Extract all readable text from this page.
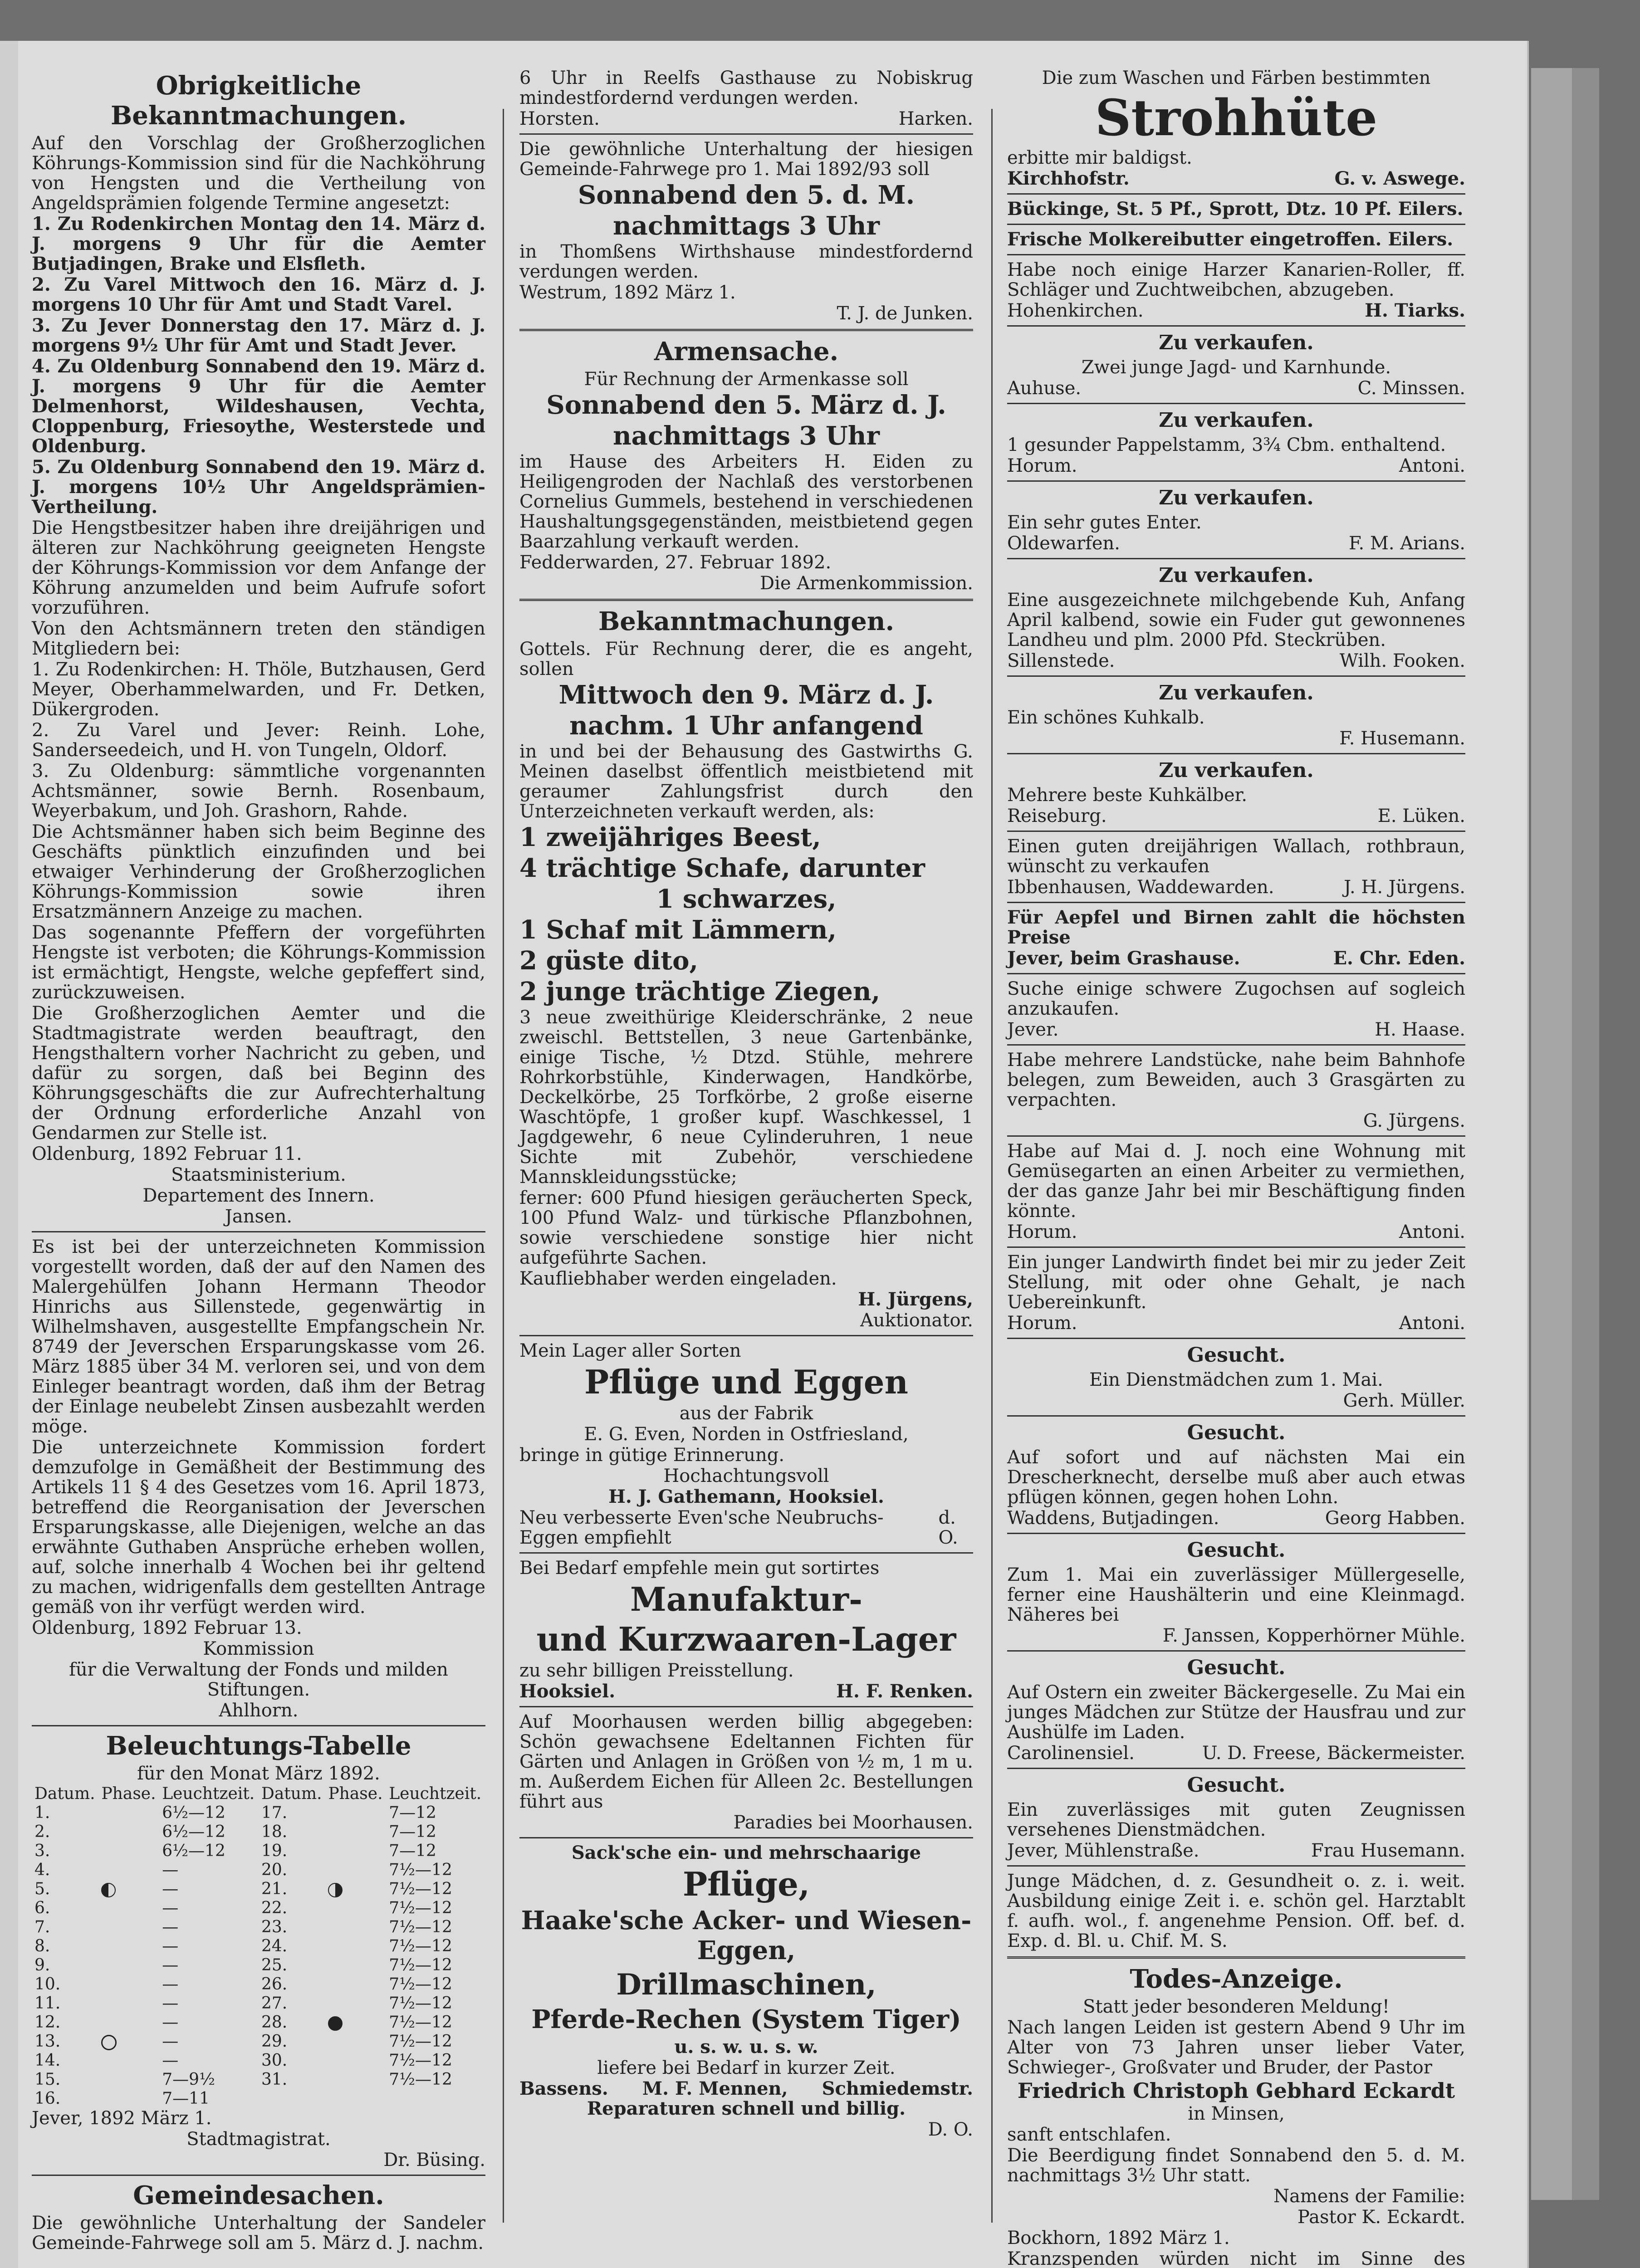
Obrigkeitliche Bekanntmachungen.

Auf den Vorschlag der Großherzoglichen Köhrungs-Kommission sind für die Nachköhrung von Hengsten und die Vertheilung von Angeldsprämien folgende Termine angesetzt:

1. Zu Rodenkirchen Montag den 14. März d. J. morgens 9 Uhr für die Aemter Butjadingen, Brake und Elsfleth.

2. Zu Varel Mittwoch den 16. März d. J. morgens 10 Uhr für Amt und Stadt Varel.

3. Zu Jever Donnerstag den 17. März d. J. morgens 9½ Uhr für Amt und Stadt Jever.

4. Zu Oldenburg Sonnabend den 19. März d. J. morgens 9 Uhr für die Aemter Delmenhorst, Wildeshausen, Vechta, Cloppenburg, Friesoythe, Westerstede und Oldenburg.

5. Zu Oldenburg Sonnabend den 19. März d. J. morgens 10½ Uhr Angeldsprämien-Vertheilung.

Die Hengstbesitzer haben ihre dreijährigen und älteren zur Nachköhrung geeigneten Hengste der Köhrungs-Kommission vor dem Anfange der Köhrung anzumelden und beim Aufrufe sofort vorzuführen.

Von den Achtsmännern treten den ständigen Mitgliedern bei:

1. Zu Rodenkirchen: H. Thöle, Butzhausen, Gerd Meyer, Oberhammelwarden, und Fr. Detken, Dükergroden.

2. Zu Varel und Jever: Reinh. Lohe, Sanderseedeich, und H. von Tungeln, Oldorf.

3. Zu Oldenburg: sämmtliche vorgenannten Achtsmänner, sowie Bernh. Rosenbaum, Weyerbakum, und Joh. Grashorn, Rahde.

Die Achtsmänner haben sich beim Beginne des Geschäfts pünktlich einzufinden und bei etwaiger Verhinderung der Großherzoglichen Köhrungs-Kommission sowie ihren Ersatzmännern Anzeige zu machen.

Das sogenannte Pfeffern der vorgeführten Hengste ist verboten; die Köhrungs-Kommission ist ermächtigt, Hengste, welche gepfeffert sind, zurückzuweisen.

Die Großherzoglichen Aemter und die Stadtmagistrate werden beauftragt, den Hengsthaltern vorher Nachricht zu geben, und dafür zu sorgen, daß bei Beginn des Köhrungsgeschäfts die zur Aufrechterhaltung der Ordnung erforderliche Anzahl von Gendarmen zur Stelle ist.

Oldenburg, 1892 Februar 11.

Staatsministerium.

Departement des Innern.

Jansen.

Es ist bei der unterzeichneten Kommission vorgestellt worden, daß der auf den Namen des Malergehülfen Johann Hermann Theodor Hinrichs aus Sillenstede, gegenwärtig in Wilhelmshaven, ausgestellte Empfangschein Nr. 8749 der Jeverschen Ersparungskasse vom 26. März 1885 über 34 M. verloren sei, und von dem Einleger beantragt worden, daß ihm der Betrag der Einlage neubelebt Zinsen ausbezahlt werden möge.

Die unterzeichnete Kommission fordert demzufolge in Gemäßheit der Bestimmung des Artikels 11 § 4 des Gesetzes vom 16. April 1873, betreffend die Reorganisation der Jeverschen Ersparungskasse, alle Diejenigen, welche an das erwähnte Guthaben Ansprüche erheben wollen, auf, solche innerhalb 4 Wochen bei ihr geltend zu machen, widrigenfalls dem gestellten Antrage gemäß von ihr verfügt werden wird.

Oldenburg, 1892 Februar 13.

Kommission

für die Verwaltung der Fonds und milden Stiftungen.

Ahlhorn.

Beleuchtungs-Tabelle

für den Monat März 1892.

Datum.	Phase.	Leuchtzeit.	Datum.	Phase.	Leuchtzeit.
1.		6½—12	17.		7—12
2.		6½—12	18.		7—12
3.		6½—12	19.		7—12
4.		—	20.		7½—12
5.		—	21.		7½—12
6.		—	22.		7½—12
7.		—	23.		7½—12
8.		—	24.		7½—12
9.		—	25.		7½—12
10.		—	26.		7½—12
11.		—	27.		7½—12
12.		—	28.		7½—12
13.		—	29.		7½—12
14.		—	30.		7½—12
15.		7—9½	31.		7½—12
16.		7—11			

Jever, 1892 März 1.

Stadtmagistrat.

Dr. Büsing.

Gemeindesachen.

Die gewöhnliche Unterhaltung der Sandeler Gemeinde-Fahrwege soll am 5. März d. J. nachm.

6 Uhr in Reelfs Gasthause zu Nobiskrug mindestfordernd verdungen werden.

Horsten.	Harken.

Die gewöhnliche Unterhaltung der hiesigen Gemeinde-Fahrwege pro 1. Mai 1892/93 soll

Sonnabend den 5. d. M.

nachmittags 3 Uhr

in Thomßens Wirthshause mindestfordernd verdungen werden.

Westrum, 1892 März 1.

T. J. de Junken.

Armensache.

Für Rechnung der Armenkasse soll

Sonnabend den 5. März d. J.

nachmittags 3 Uhr

im Hause des Arbeiters H. Eiden zu Heiligengroden der Nachlaß des verstorbenen Cornelius Gummels, bestehend in verschiedenen Haushaltungsgegenständen, meistbietend gegen Baarzahlung verkauft werden.

Fedderwarden, 27. Februar 1892.

Die Armenkommission.

Bekanntmachungen.

Gottels. Für Rechnung derer, die es angeht, sollen

Mittwoch den 9. März d. J.

nachm. 1 Uhr anfangend

in und bei der Behausung des Gastwirths G. Meinen daselbst öffentlich meistbietend mit geraumer Zahlungsfrist durch den Unterzeichneten verkauft werden, als:

1 zweijähriges Beest,

4 trächtige Schafe, darunter

1 schwarzes,

1 Schaf mit Lämmern,

2 güste dito,

2 junge trächtige Ziegen,

3 neue zweithürige Kleiderschränke, 2 neue zweischl. Bettstellen, 3 neue Gartenbänke, einige Tische, ½ Dtzd. Stühle, mehrere Rohrkorbstühle, Kinderwagen, Handkörbe, Deckelkörbe, 25 Torfkörbe, 2 große eiserne Waschtöpfe, 1 großer kupf. Waschkessel, 1 Jagdgewehr, 6 neue Cylinderuhren, 1 neue Sichte mit Zubehör, verschiedene Mannskleidungsstücke;

ferner: 600 Pfund hiesigen geräucherten Speck, 100 Pfund Walz- und türkische Pflanzbohnen, sowie verschiedene sonstige hier nicht aufgeführte Sachen.

Kaufliebhaber werden eingeladen.

H. Jürgens,

Auktionator.

Mein Lager aller Sorten

Pflüge und Eggen

aus der Fabrik

E. G. Even, Norden in Ostfriesland,

bringe in gütige Erinnerung.

Hochachtungsvoll

H. J. Gathemann, Hooksiel.

Neu verbesserte Even'sche Neubruchs-Eggen empfiehlt
d. O.

Bei Bedarf empfehle mein gut sortirtes

Manufaktur-
und Kurzwaaren-Lager

zu sehr billigen Preisstellung.

Hooksiel.	H. F. Renken.

Auf Moorhausen werden billig abgegeben: Schön gewachsene Edeltannen Fichten für Gärten und Anlagen in Größen von ½ m, 1 m u. m. Außerdem Eichen für Alleen 2c. Bestellungen führt aus

Paradies bei Moorhausen.

Sack'sche ein- und mehrschaarige

Pflüge,
Haake'sche Acker- und Wiesen-Eggen,
Drillmaschinen,
Pferde-Rechen (System Tiger)

u. s. w. u. s. w.

liefere bei Bedarf in kurzer Zeit.

Bassens. M. F. Mennen, Schmiedemstr.

Reparaturen schnell und billig.

D. O.

Die zum Waschen und Färben bestimmten

Strohhüte

erbitte mir baldigst.

Kirchhofstr.	G. v. Aswege.

Bückinge, St. 5 Pf., Sprott, Dtz. 10 Pf. Eilers.

Frische Molkereibutter eingetroffen. Eilers.

Habe noch einige Harzer Kanarien-Roller, ff. Schläger und Zuchtweibchen, abzugeben.

Hohenkirchen.	H. Tiarks.
Zu verkaufen.

Zwei junge Jagd- und Karnhunde.

Auhuse.	C. Minssen.
Zu verkaufen.

1 gesunder Pappelstamm, 3¾ Cbm. enthaltend.

Horum.	Antoni.
Zu verkaufen.

Ein sehr gutes Enter.

Oldewarfen.	F. M. Arians.
Zu verkaufen.

Eine ausgezeichnete milchgebende Kuh, Anfang April kalbend, sowie ein Fuder gut gewonnenes Landheu und plm. 2000 Pfd. Steckrüben.

Sillenstede.	Wilh. Fooken.
Zu verkaufen.

Ein schönes Kuhkalb.

F. Husemann.

Zu verkaufen.

Mehrere beste Kuhkälber.

Reiseburg.	E. Lüken.

Einen guten dreijährigen Wallach, rothbraun, wünscht zu verkaufen

Ibbenhausen, Waddewarden.	J. H. Jürgens.

Für Aepfel und Birnen zahlt die höchsten Preise

Jever, beim Grashause.	E. Chr. Eden.

Suche einige schwere Zugochsen auf sogleich anzukaufen.

Jever.	H. Haase.

Habe mehrere Landstücke, nahe beim Bahnhofe belegen, zum Beweiden, auch 3 Grasgärten zu verpachten.

G. Jürgens.

Habe auf Mai d. J. noch eine Wohnung mit Gemüsegarten an einen Arbeiter zu vermiethen, der das ganze Jahr bei mir Beschäftigung finden könnte.

Horum.	Antoni.

Ein junger Landwirth findet bei mir zu jeder Zeit Stellung, mit oder ohne Gehalt, je nach Uebereinkunft.

Horum.	Antoni.
Gesucht.

Ein Dienstmädchen zum 1. Mai.

Gerh. Müller.

Gesucht.

Auf sofort und auf nächsten Mai ein Drescherknecht, derselbe muß aber auch etwas pflügen können, gegen hohen Lohn.

Waddens, Butjadingen.	Georg Habben.
Gesucht.

Zum 1. Mai ein zuverlässiger Müllergeselle, ferner eine Haushälterin und eine Kleinmagd. Näheres bei

F. Janssen, Kopperhörner Mühle.

Gesucht.

Auf Ostern ein zweiter Bäckergeselle. Zu Mai ein junges Mädchen zur Stütze der Hausfrau und zur Aushülfe im Laden.

Carolinensiel.	U. D. Freese, Bäckermeister.
Gesucht.

Ein zuverlässiges mit guten Zeugnissen versehenes Dienstmädchen.

Jever, Mühlenstraße.	Frau Husemann.

Junge Mädchen, d. z. Gesundheit o. z. i. weit. Ausbildung einige Zeit i. e. schön gel. Harztablt f. aufh. wol., f. angenehme Pension. Off. bef. d. Exp. d. Bl. u. Chif. M. S.

Todes-Anzeige.

Statt jeder besonderen Meldung!

Nach langen Leiden ist gestern Abend 9 Uhr im Alter von 73 Jahren unser lieber Vater, Schwieger-, Großvater und Bruder, der Pastor

Friedrich Christoph Gebhard Eckardt

in Minsen,

sanft entschlafen.

Die Beerdigung findet Sonnabend den 5. d. M. nachmittags 3½ Uhr statt.

Namens der Familie:

Pastor K. Eckardt.

Bockhorn, 1892 März 1.

Kranzspenden würden nicht im Sinne des
